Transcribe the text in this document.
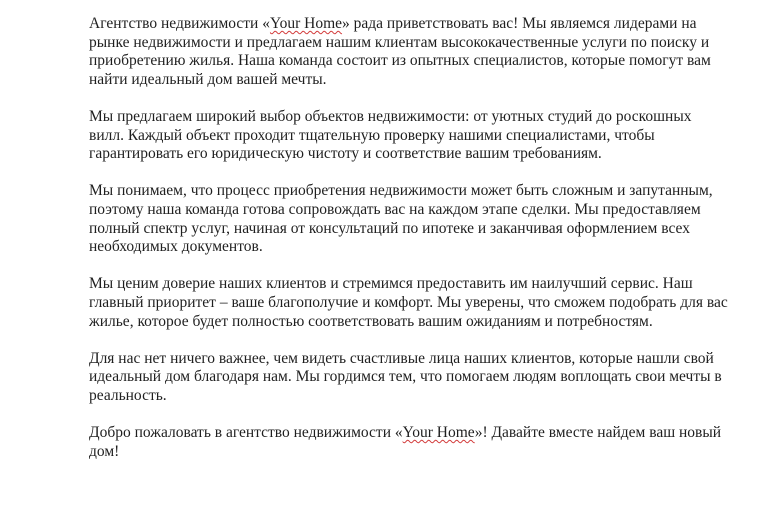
Агентство недвижимости «Your Home» рада приветствовать вас! Мы являемся лидерами на рынке недвижимости и предлагаем нашим клиентам высококачественные услуги по поиску и приобретению жилья. Наша команда состоит из опытных специалистов, которые помогут вам найти идеальный дом вашей мечты.

Мы предлагаем широкий выбор объектов недвижимости: от уютных студий до роскошных вилл. Каждый объект проходит тщательную проверку нашими специалистами, чтобы гарантировать его юридическую чистоту и соответствие вашим требованиям.

Мы понимаем, что процесс приобретения недвижимости может быть сложным и запутанным, поэтому наша команда готова сопровождать вас на каждом этапе сделки. Мы предоставляем полный спектр услуг, начиная от консультаций по ипотеке и заканчивая оформлением всех необходимых документов.

Мы ценим доверие наших клиентов и стремимся предоставить им наилучший сервис. Наш главный приоритет – ваше благополучие и комфорт. Мы уверены, что сможем подобрать для вас жилье, которое будет полностью соответствовать вашим ожиданиям и потребностям.

Для нас нет ничего важнее, чем видеть счастливые лица наших клиентов, которые нашли свой идеальный дом благодаря нам. Мы гордимся тем, что помогаем людям воплощать свои мечты в реальность.

Добро пожаловать в агентство недвижимости «Your Home»! Давайте вместе найдем ваш новый дом!
